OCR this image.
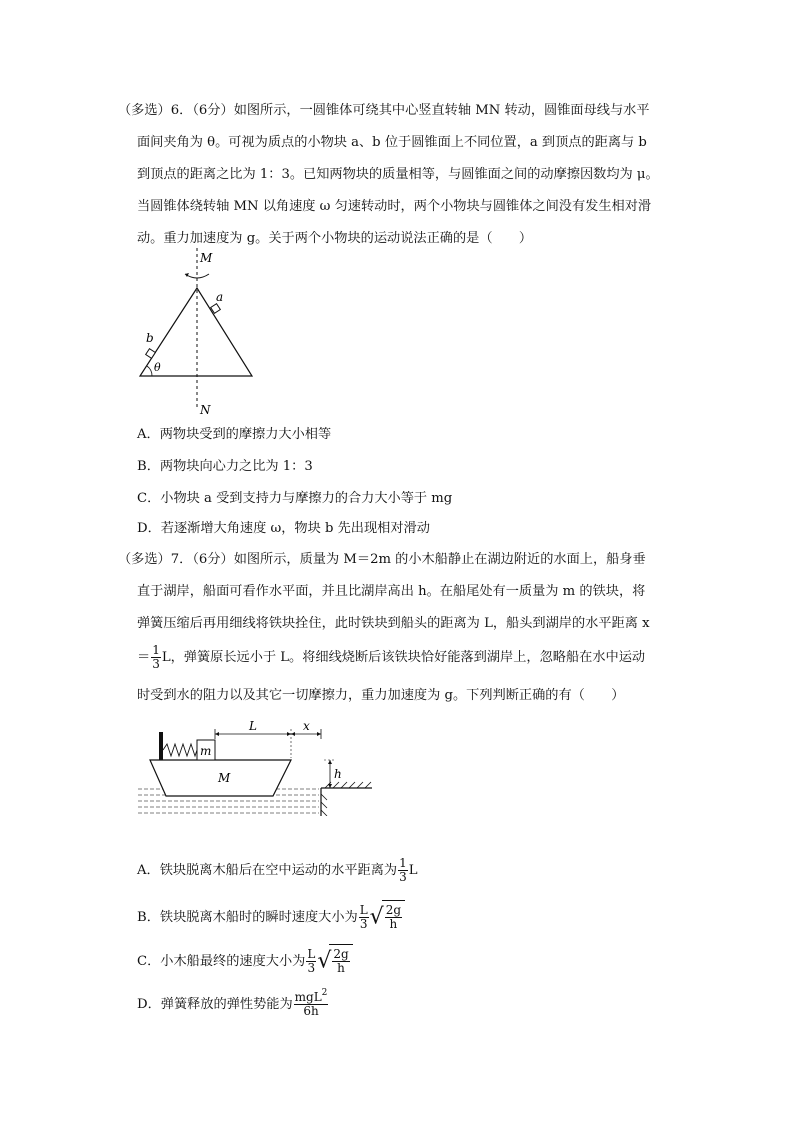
（多选）6．（6分）如图所示，一圆锥体可绕其中心竖直转轴 MN 转动，圆锥面母线与水平
面间夹角为 θ。可视为质点的小物块 a、b 位于圆锥面上不同位置，a 到顶点的距离与 b
到顶点的距离之比为 1：3。已知两物块的质量相等，与圆锥面之间的动摩擦因数均为 μ。
当圆锥体绕转轴 MN 以角速度 ω 匀速转动时，两个小物块与圆锥体之间没有发生相对滑
动。重力加速度为 g。关于两个小物块的运动说法正确的是（　　）
M
N
a
b
θ
A．两物块受到的摩擦力大小相等
B．两物块向心力之比为 1：3
C．小物块 a 受到支持力与摩擦力的合力大小等于 mg
D．若逐渐增大角速度 ω，物块 b 先出现相对滑动
（多选）7．（6分）如图所示，质量为 M＝2m 的小木船静止在湖边附近的水面上，船身垂
直于湖岸，船面可看作水平面，并且比湖岸高出 h。在船尾处有一质量为 m 的铁块，将
弹簧压缩后再用细线将铁块拴住，此时铁块到船头的距离为 L，船头到湖岸的水平距离 x
＝ $\frac{1}{3}$ L，弹簧原长远小于 L。将细线烧断后该铁块恰好能落到湖岸上，忽略船在水中运动
时受到水的阻力以及其它一切摩擦力，重力加速度为 g。下列判断正确的有（　　）
L	x
m
M	h
A．铁块脱离木船后在空中运动的水平距离为 $\frac{1}{3}$ L
B．铁块脱离木船时的瞬时速度大小为 $\frac{L}{3}$ √ $\frac{2g}{h}$
C．小木船最终的速度大小为 $\frac{L}{3}$ √ $\frac{2g}{h}$
D．弹簧释放的弹性势能为 $\frac{mgL^2}{6h}$
